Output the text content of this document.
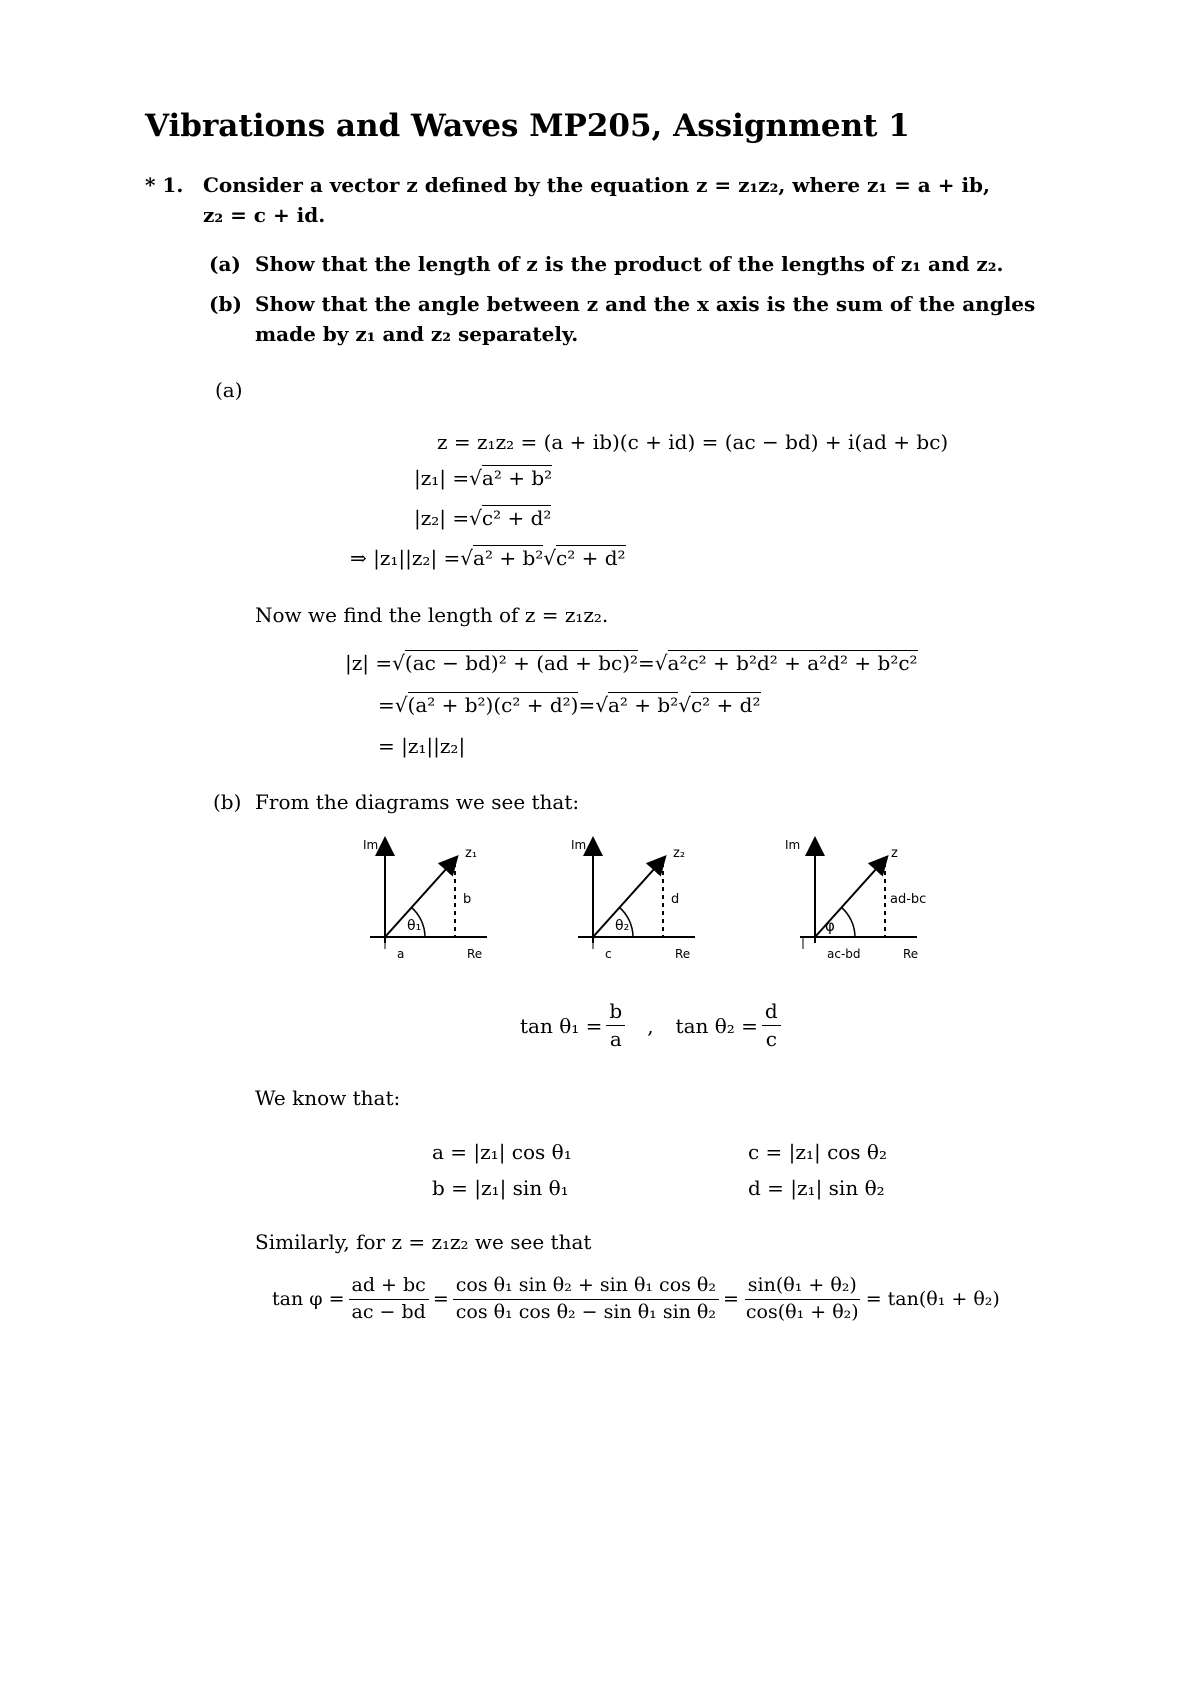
Vibrations and Waves MP205, Assignment 1
* 1. Consider a vector z defined by the equation z = z₁z₂, where z₁ = a + ib,
z₂ = c + id.
(a) Show that the length of z is the product of the lengths of z₁ and z₂.
(b) Show that the angle between z and the x axis is the sum of the angles
made by z₁ and z₂ separately.
(a)
z = z₁z₂ = (a + ib)(c + id) = (ac − bd) + i(ad + bc)
|z₁| = √ a² + b²
|z₂| = √ c² + d²
⇒ |z₁||z₂| = √ a² + b² √ c² + d²
Now we find the length of z = z₁z₂.
|z| = √ (ac − bd)² + (ad + bc)² = √ a²c² + b²d² + a²d² + b²c²
= √ (a² + b²)(c² + d²) = √ a² + b² √ c² + d²
= |z₁||z₂|
(b) From the diagrams we see that:
Im
z₁
b
θ₁
a	Re
Im
z₂
d
θ₂
c	Re
Im
z
ad-bc
φ
ac-bd	Re
$\tan \theta_1 = \frac{b}{a}$ , $\tan \theta_2 = \frac{d}{c}$
We know that:
a = |z₁| cos θ₁
b = |z₁| sin θ₁
c = |z₁| cos θ₂
d = |z₁| sin θ₂
Similarly, for z = z₁z₂ we see that
$\tan \varphi = \frac{ad + bc}{ac - bd} = \frac{\text{cos θ₁ sin θ₂ + sin θ₁ cos θ₂}}{\text{cos θ₁ cos θ₂ − sin θ₁ sin θ₂}} = \frac{\text{sin(θ₁ + θ₂)}}{\text{cos(θ₁ + θ₂)}} = \tan(\theta_1 + \theta_2)$
